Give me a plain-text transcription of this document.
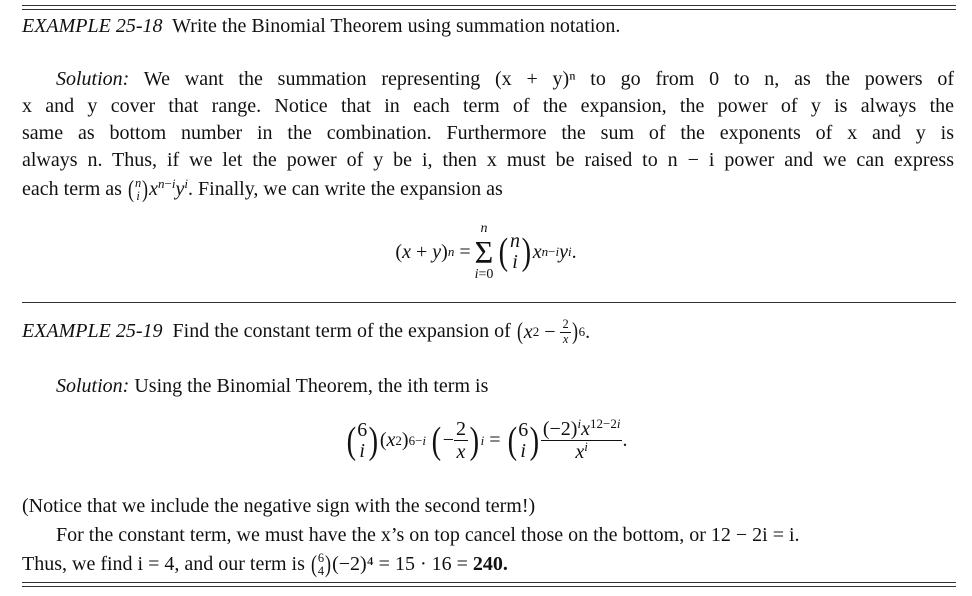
EXAMPLE 25-18 Write the Binomial Theorem using summation notation.
Solution: We want the summation representing (x + y)ⁿ to go from 0 to n, as the powers of
x and y cover that range. Notice that in each term of the expansion, the power of y is always the
same as bottom number in the combination. Furthermore the sum of the exponents of x and y is
always n. Thus, if we let the power of y be i, then x must be raised to n − i power and we can express
each term as ( n
i ) $x^{n-i}y^i$. Finally, we can write the expansion as
( x + y ) n =
n
Σ
i=0
( n
i ) x n−i y i .
EXAMPLE 25-19 Find the constant term of the expansion of ( x $2 - \frac{2}{x}$ ) 6 .
Solution: Using the Binomial Theorem, the ith term is
( 6
i ) ( x 2 ) 6−i ( − $\frac{2}{x}$ ) i = ( 6
i ) $\frac{(-2)^ix^{12-2i}}{x^i}$ .
(Notice that we include the negative sign with the second term!)
For the constant term, we must have the x’s on top cancel those on the bottom, or 12 − 2i = i.
Thus, we find i = 4, and our term is ( 6
4 ) (−2)⁴ = 15 · 16 = 240.
